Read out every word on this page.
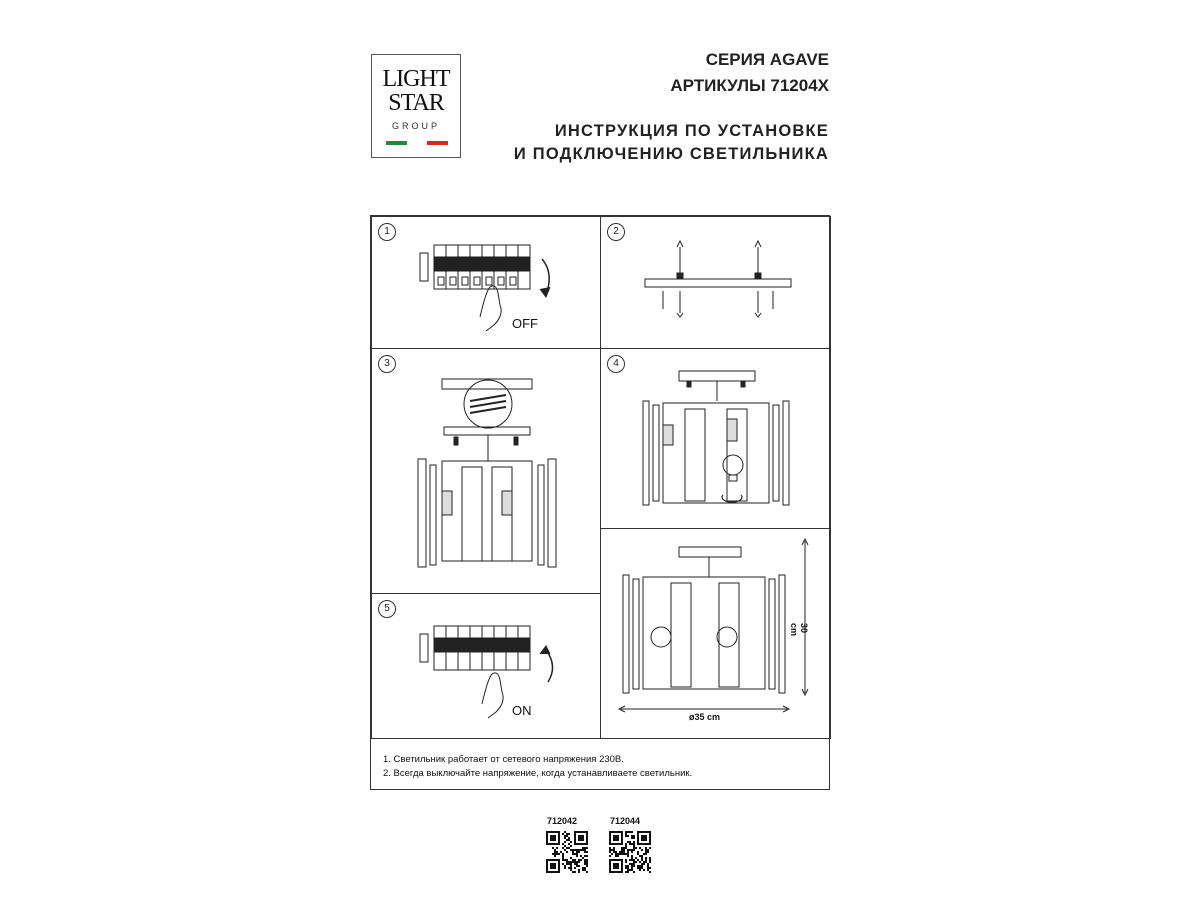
LIGHT
STAR
GROUP
СЕРИЯ AGAVE
АРТИКУЛЫ 71204X
ИНСТРУКЦИЯ ПО УСТАНОВКЕ
И ПОДКЛЮЧЕНИЮ СВЕТИЛЬНИКА
1
OFF
2
3	4
30 cm
ø35 cm
5
ON
1. Светильник работает от сетевого напряжения 230В.
2. Всегда выключайте напряжение, когда устанавливаете светильник.
712042	712044
